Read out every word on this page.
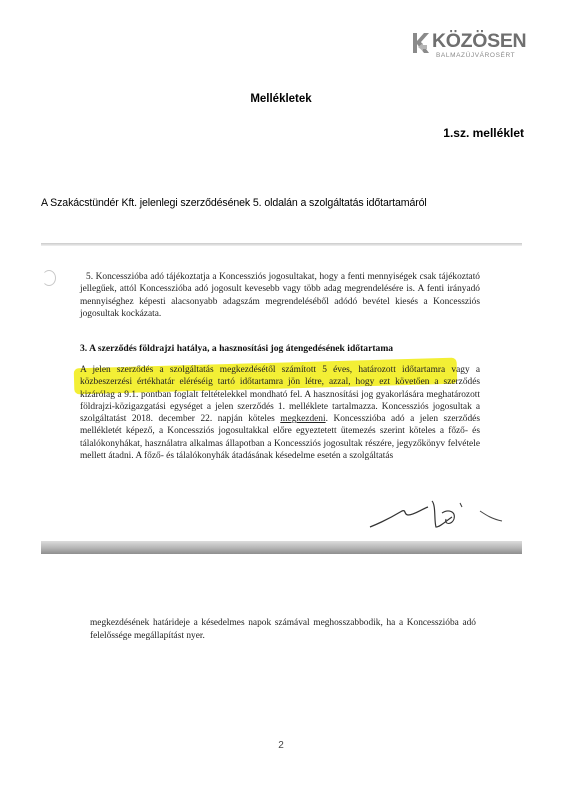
KÖZÖSEN
BALMAZÚJVÁROSÉRT
Mellékletek
1.sz. melléklet
A Szakácstündér Kft. jelenlegi szerződésének 5. oldalán a szolgáltatás időtartamáról
5. Koncesszióba adó tájékoztatja a Koncessziós jogosultakat, hogy a fenti mennyiségek csak tájékoztató jellegűek, attól Koncesszióba adó jogosult kevesebb vagy több adag megrendelésére is. A fenti irányadó mennyiséghez képesti alacsonyabb adagszám megrendeléséből adódó bevétel kiesés a Koncessziós jogosultak kockázata.
3. A szerződés földrajzi hatálya, a hasznosítási jog átengedésének időtartama
A jelen szerződés a szolgáltatás megkezdésétől számított 5 éves, határozott időtartamra vagy a közbeszerzési értékhatár eléréséig tartó időtartamra jön létre, azzal, hogy ezt követően a szerződés kizárólag a 9.1. pontban foglalt feltételekkel mondható fel. A hasznosítási jog gyakorlására meghatározott földrajzi-közigazgatási egységet a jelen szerződés 1. melléklete tartalmazza. Koncessziós jogosultak a szolgáltatást 2018. december 22. napján köteles megkezdeni. Koncesszióba adó a jelen szerződés mellékletét képező, a Koncessziós jogosultakkal előre egyeztetett ütemezés szerint köteles a főző- és tálalókonyhákat, használatra alkalmas állapotban a Koncessziós jogosultak részére, jegyzőkönyv felvétele mellett átadni. A főző- és tálalókonyhák átadásának késedelme esetén a szolgáltatás
megkezdésének határideje a késedelmes napok számával meghosszabbodik, ha a Koncesszióba adó felelőssége megállapítást nyer.
2
